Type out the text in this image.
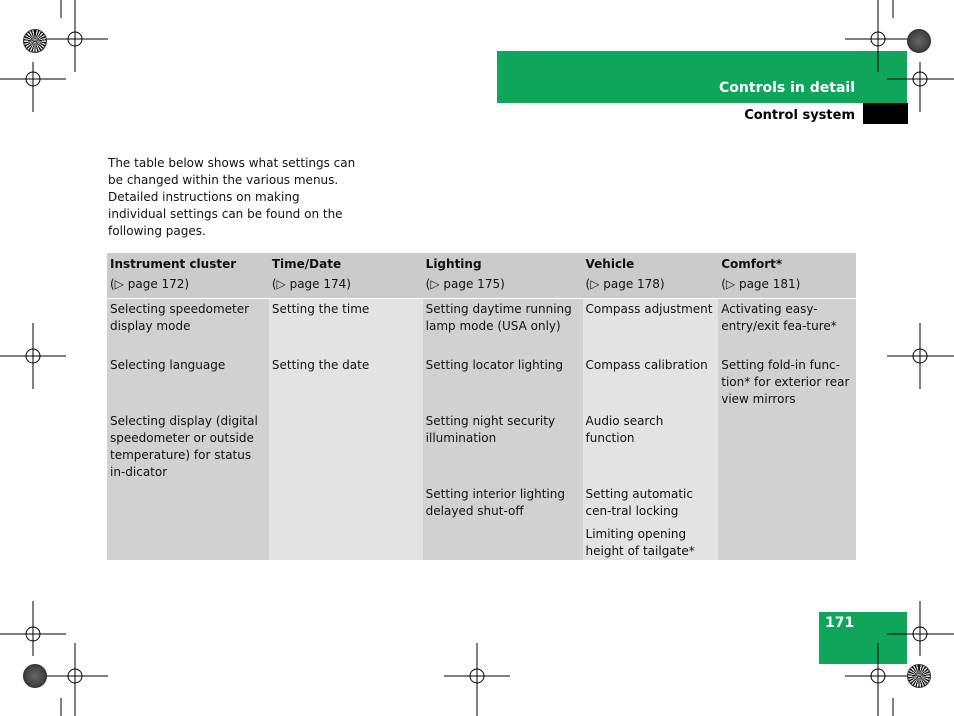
Controls in detail
Control system
The table below shows what settings can be changed within the various menus. Detailed instructions on making individual settings can be found on the following pages.
Instrument cluster	Time/Date	Lighting	Vehicle	Comfort*
(▷ page 172)	(▷ page 174)	(▷ page 175)	(▷ page 178)	(▷ page 181)
Selecting speedometer display mode	Setting the time	Setting daytime running lamp mode (USA only)	Compass adjustment	Activating easy-entry/exit fea-ture*
Selecting language	Setting the date	Setting locator lighting	Compass calibration	Setting fold-in func-tion* for exterior rear view mirrors
Selecting display (digital speedometer or outside temperature) for status in-dicator		Setting night security illumination	Audio search function	
		Setting interior lighting delayed shut-off	Setting automatic cen-tral locking	
			Limiting opening height of tailgate*	
171
